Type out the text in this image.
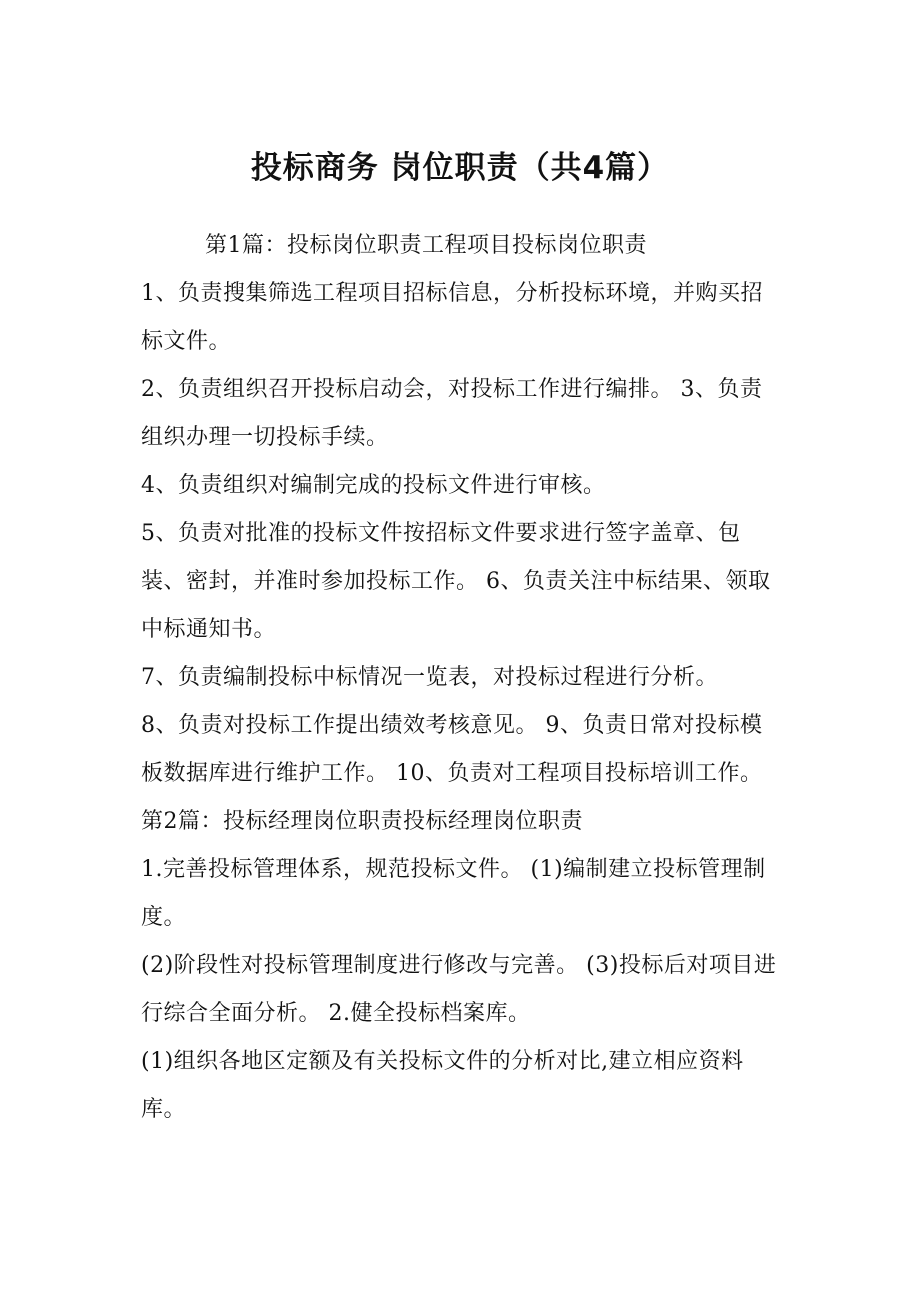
投标商务 岗位职责（共4篇）

第1篇：投标岗位职责工程项目投标岗位职责

1、负责搜集筛选工程项目招标信息，分析投标环境，并购买招标文件。

2、负责组织召开投标启动会，对投标工作进行编排。 3、负责组织办理一切投标手续。

4、负责组织对编制完成的投标文件进行审核。

5、负责对批准的投标文件按招标文件要求进行签字盖章、包装、密封，并准时参加投标工作。 6、负责关注中标结果、领取中标通知书。

7、负责编制投标中标情况一览表，对投标过程进行分析。

8、负责对投标工作提出绩效考核意见。 9、负责日常对投标模板数据库进行维护工作。 10、负责对工程项目投标培训工作。

第2篇：投标经理岗位职责投标经理岗位职责

1.完善投标管理体系，规范投标文件。 (1)编制建立投标管理制度。

(2)阶段性对投标管理制度进行修改与完善。 (3)投标后对项目进行综合全面分析。 2.健全投标档案库。

(1)组织各地区定额及有关投标文件的分析对比,建立相应资料库。
